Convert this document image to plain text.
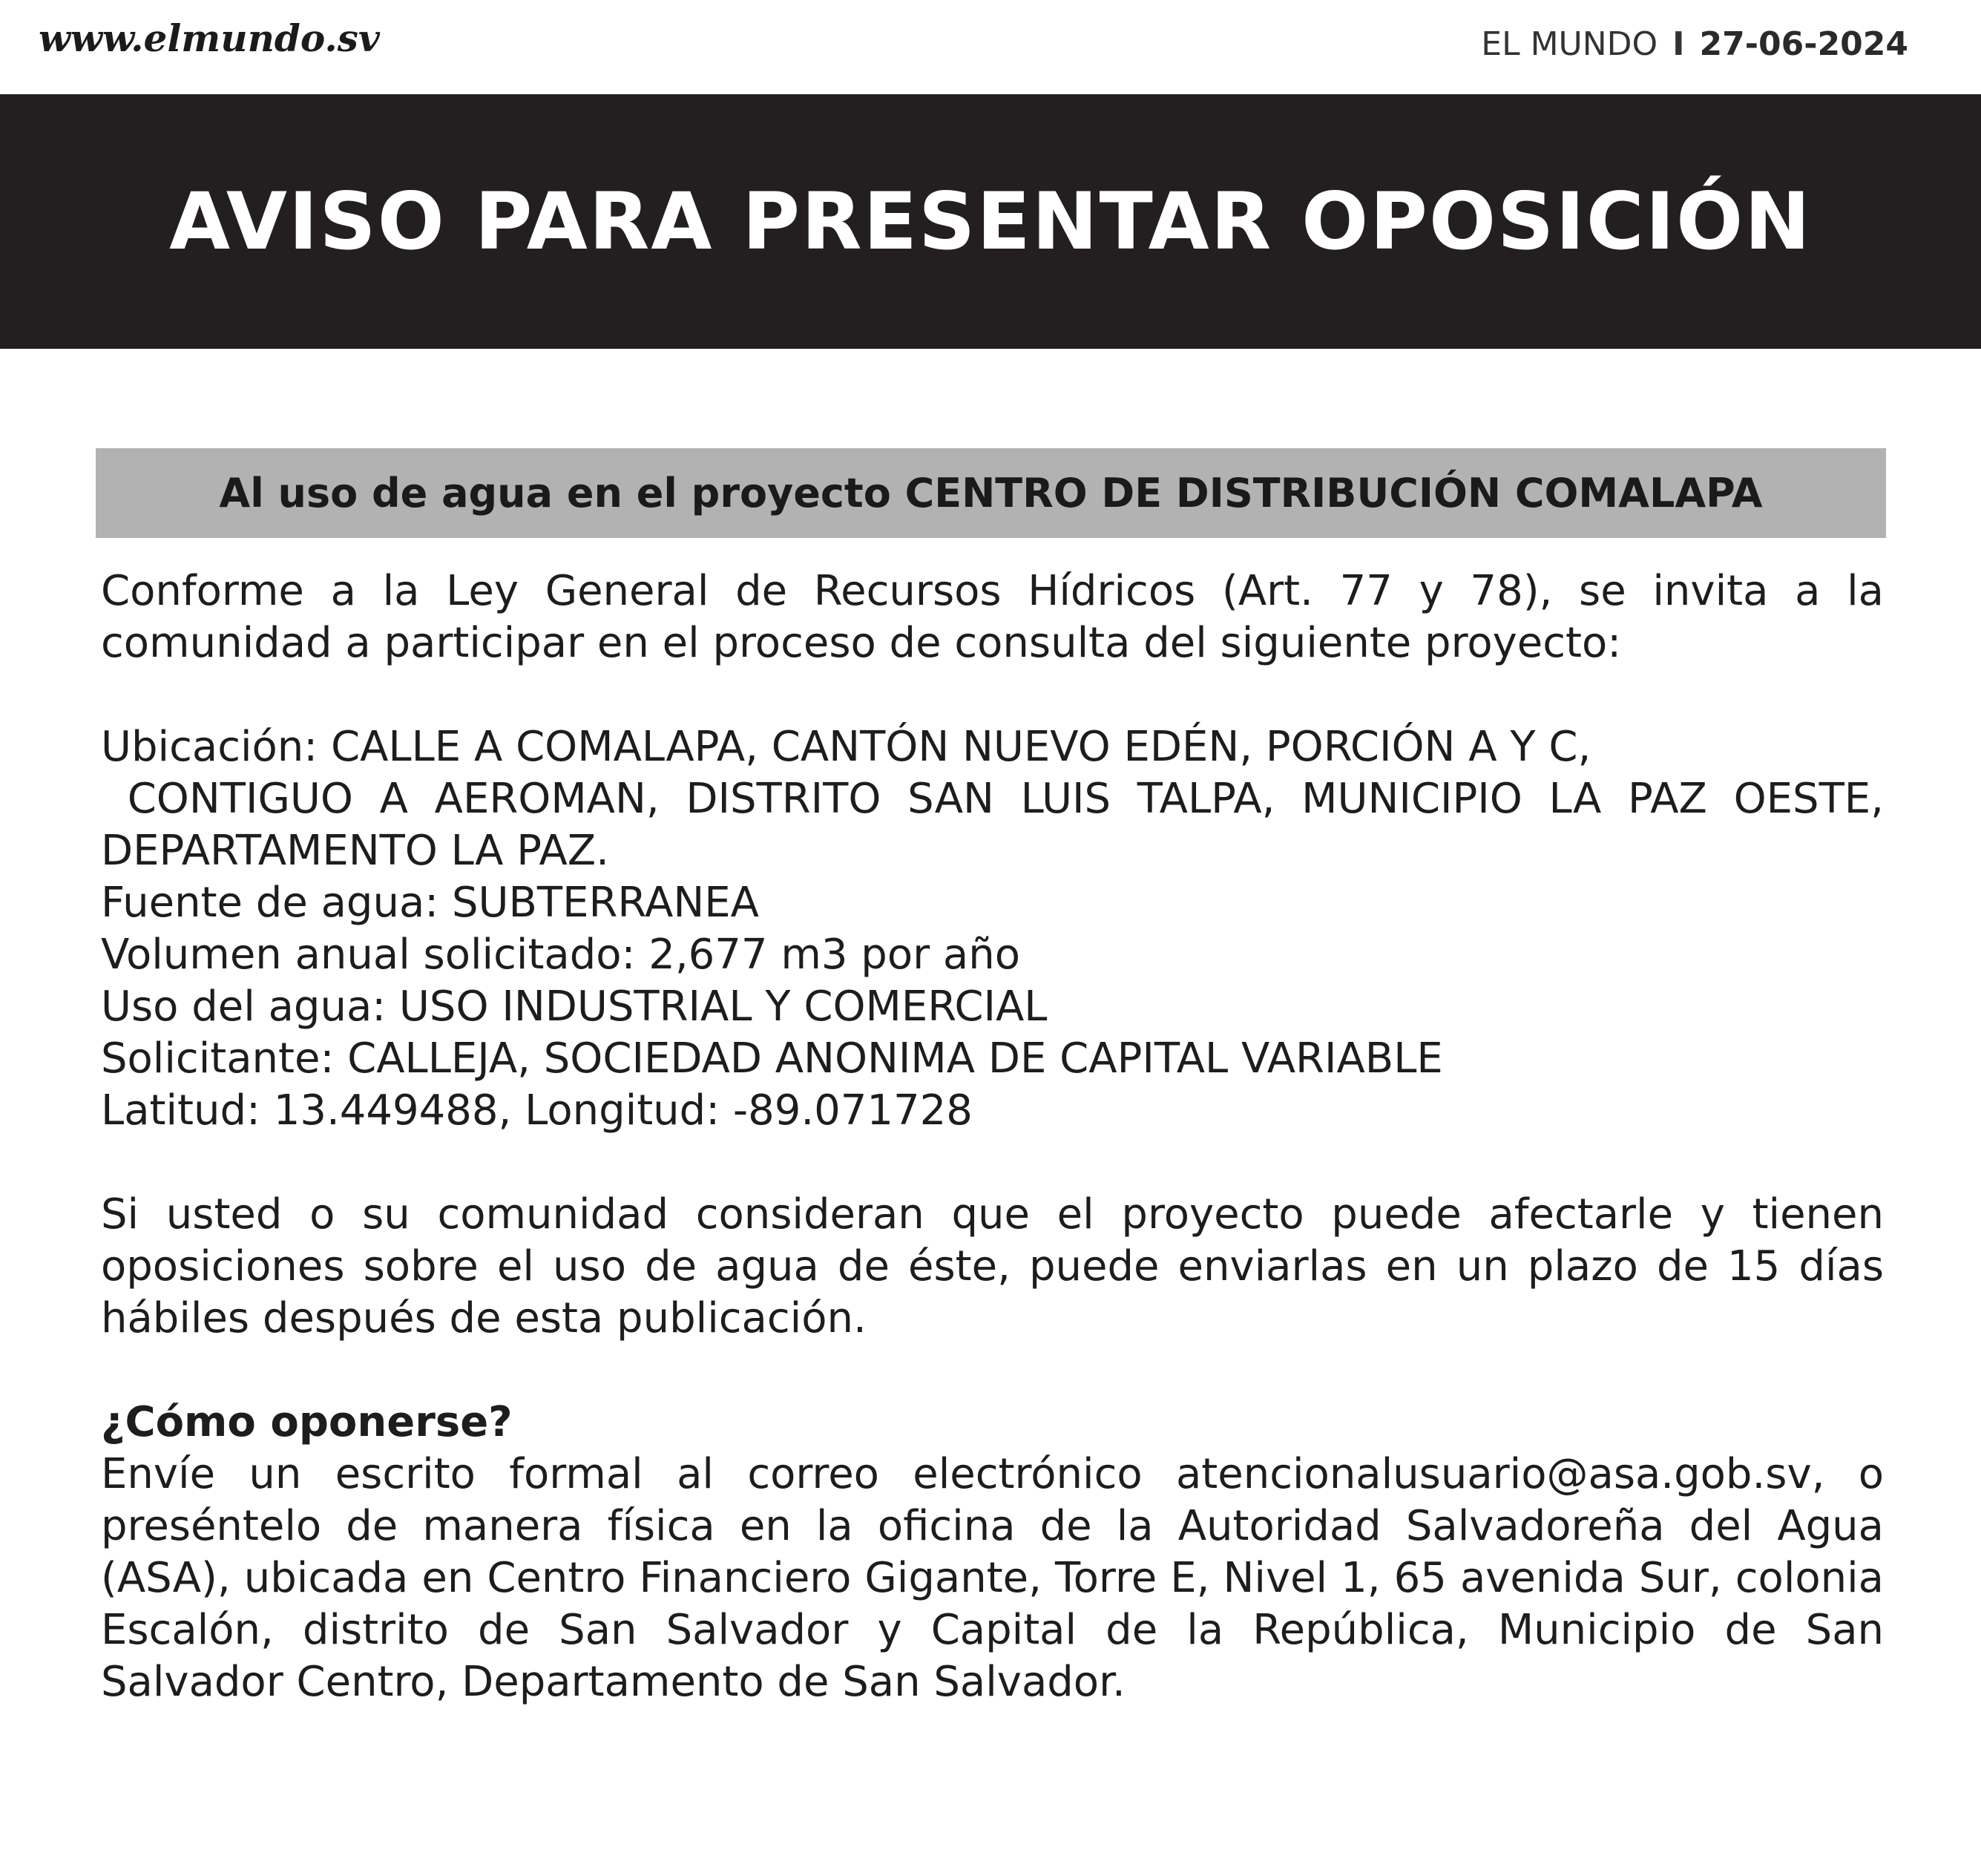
www.elmundo.sv	EL MUNDO I 27-06-2024
AVISO PARA PRESENTAR OPOSICIÓN
Al uso de agua en el proyecto CENTRO DE DISTRIBUCIÓN COMALAPA

Conforme a la Ley General de Recursos Hídricos (Art. 77 y 78), se invita a la comunidad a participar en el proceso de consulta del siguiente proyecto:

Ubicación: CALLE A COMALAPA, CANTÓN NUEVO EDÉN, PORCIÓN A Y C,

CONTIGUO A AEROMAN, DISTRITO SAN LUIS TALPA, MUNICIPIO LA PAZ OESTE, DEPARTAMENTO LA PAZ.

Fuente de agua: SUBTERRANEA

Volumen anual solicitado: 2,677 m3 por año

Uso del agua: USO INDUSTRIAL Y COMERCIAL

Solicitante: CALLEJA, SOCIEDAD ANONIMA DE CAPITAL VARIABLE

Latitud: 13.449488, Longitud: -89.071728

Si usted o su comunidad consideran que el proyecto puede afectarle y tienen oposiciones sobre el uso de agua de éste, puede enviarlas en un plazo de 15 días hábiles después de esta publicación.

¿Cómo oponerse?

Envíe un escrito formal al correo electrónico atencionalusuario@asa.gob.sv, o preséntelo de manera física en la oficina de la Autoridad Salvadoreña del Agua (ASA), ubicada en Centro Financiero Gigante, Torre E, Nivel 1, 65 avenida Sur, colonia Escalón, distrito de San Salvador y Capital de la República, Municipio de San Salvador Centro, Departamento de San Salvador.
